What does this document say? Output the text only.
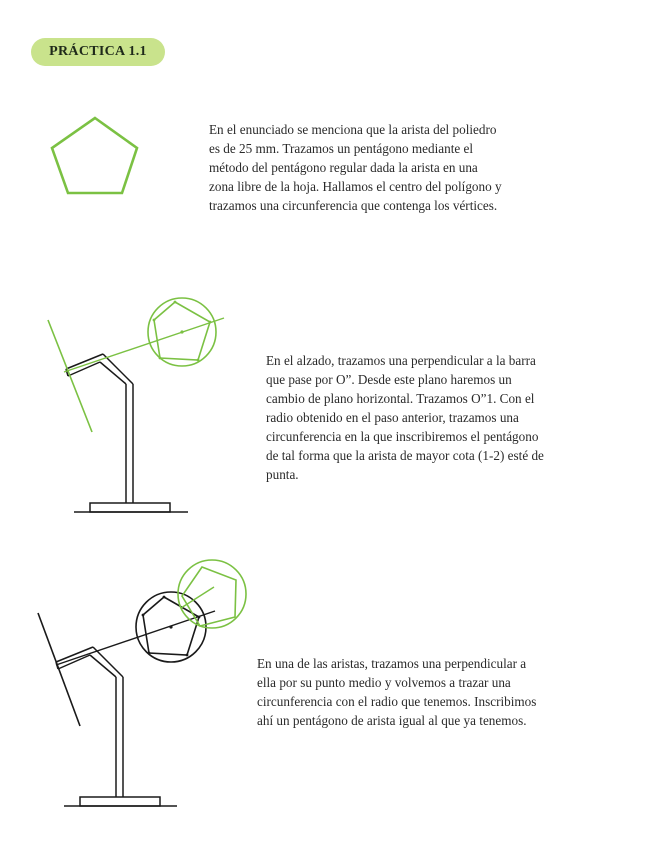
PRÁCTICA 1.1

En el enunciado se menciona que la arista del poliedro
es de 25 mm. Trazamos un pentágono mediante el
método del pentágono regular dada la arista en una
zona libre de la hoja. Hallamos el centro del polígono y
trazamos una circunferencia que contenga los vértices.

En el alzado, trazamos una perpendicular a la barra
que pase por O”. Desde este plano haremos un
cambio de plano horizontal. Trazamos O”1. Con el
radio obtenido en el paso anterior, trazamos una
circunferencia en la que inscribiremos el pentágono
de tal forma que la arista de mayor cota (1-2) esté de
punta.

En una de las aristas, trazamos una perpendicular a
ella por su punto medio y volvemos a trazar una
circunferencia con el radio que tenemos. Inscribimos
ahí un pentágono de arista igual al que ya tenemos.
